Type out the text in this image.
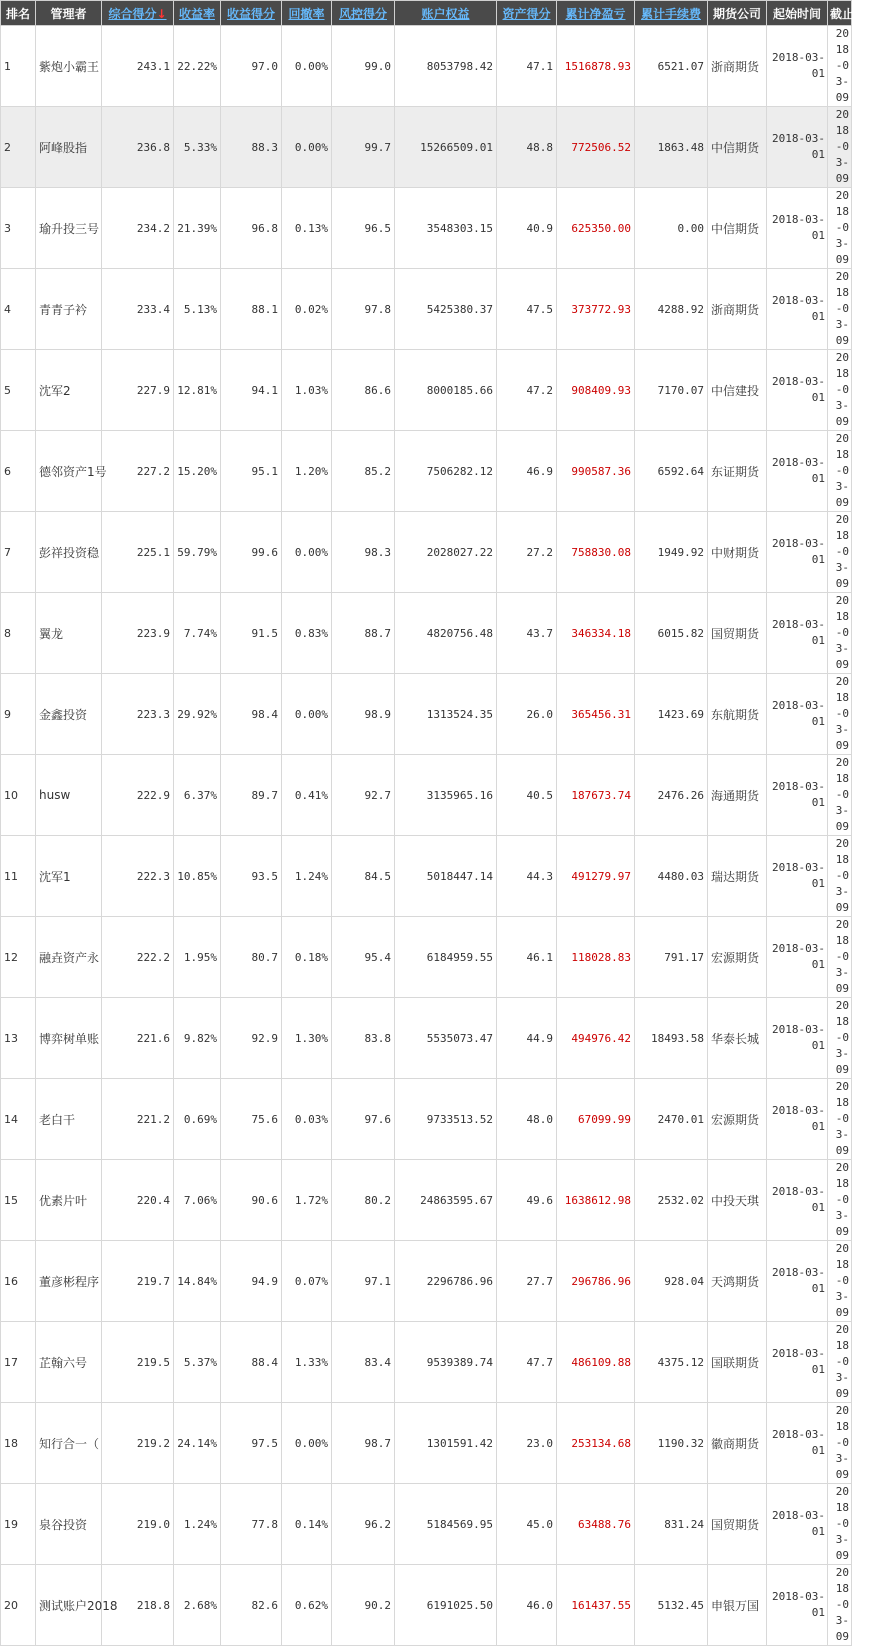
排名	管理者	综合得分↓	收益率	收益得分	回撤率	风控得分	账户权益	资产得分	累计净盈亏	累计手续费	期货公司	起始时间	截止时间
1	紫炮小霸王	243.1	22.22%	97.0	0.00%	99.0	8053798.42	47.1	1516878.93	6521.07	浙商期货	2018-03-01	2018-03-09
2	阿峰股指	236.8	5.33%	88.3	0.00%	99.7	15266509.01	48.8	772506.52	1863.48	中信期货	2018-03-01	2018-03-09
3	瑜升投三号	234.2	21.39%	96.8	0.13%	96.5	3548303.15	40.9	625350.00	0.00	中信期货	2018-03-01	2018-03-09
4	青青子衿	233.4	5.13%	88.1	0.02%	97.8	5425380.37	47.5	373772.93	4288.92	浙商期货	2018-03-01	2018-03-09
5	沈军2	227.9	12.81%	94.1	1.03%	86.6	8000185.66	47.2	908409.93	7170.07	中信建投	2018-03-01	2018-03-09
6	德邻资产1号	227.2	15.20%	95.1	1.20%	85.2	7506282.12	46.9	990587.36	6592.64	东证期货	2018-03-01	2018-03-09
7	彭祥投资稳	225.1	59.79%	99.6	0.00%	98.3	2028027.22	27.2	758830.08	1949.92	中财期货	2018-03-01	2018-03-09
8	翼龙	223.9	7.74%	91.5	0.83%	88.7	4820756.48	43.7	346334.18	6015.82	国贸期货	2018-03-01	2018-03-09
9	金鑫投资	223.3	29.92%	98.4	0.00%	98.9	1313524.35	26.0	365456.31	1423.69	东航期货	2018-03-01	2018-03-09
10	husw	222.9	6.37%	89.7	0.41%	92.7	3135965.16	40.5	187673.74	2476.26	海通期货	2018-03-01	2018-03-09
11	沈军1	222.3	10.85%	93.5	1.24%	84.5	5018447.14	44.3	491279.97	4480.03	瑞达期货	2018-03-01	2018-03-09
12	融垚资产永	222.2	1.95%	80.7	0.18%	95.4	6184959.55	46.1	118028.83	791.17	宏源期货	2018-03-01	2018-03-09
13	博弈树单账	221.6	9.82%	92.9	1.30%	83.8	5535073.47	44.9	494976.42	18493.58	华泰长城	2018-03-01	2018-03-09
14	老白干	221.2	0.69%	75.6	0.03%	97.6	9733513.52	48.0	67099.99	2470.01	宏源期货	2018-03-01	2018-03-09
15	优素片叶	220.4	7.06%	90.6	1.72%	80.2	24863595.67	49.6	1638612.98	2532.02	中投天琪	2018-03-01	2018-03-09
16	董彦彬程序	219.7	14.84%	94.9	0.07%	97.1	2296786.96	27.7	296786.96	928.04	天鸿期货	2018-03-01	2018-03-09
17	芷翰六号	219.5	5.37%	88.4	1.33%	83.4	9539389.74	47.7	486109.88	4375.12	国联期货	2018-03-01	2018-03-09
18	知行合一（	219.2	24.14%	97.5	0.00%	98.7	1301591.42	23.0	253134.68	1190.32	徽商期货	2018-03-01	2018-03-09
19	泉谷投资	219.0	1.24%	77.8	0.14%	96.2	5184569.95	45.0	63488.76	831.24	国贸期货	2018-03-01	2018-03-09
20	测试账户2018	218.8	2.68%	82.6	0.62%	90.2	6191025.50	46.0	161437.55	5132.45	申银万国	2018-03-01	2018-03-09
